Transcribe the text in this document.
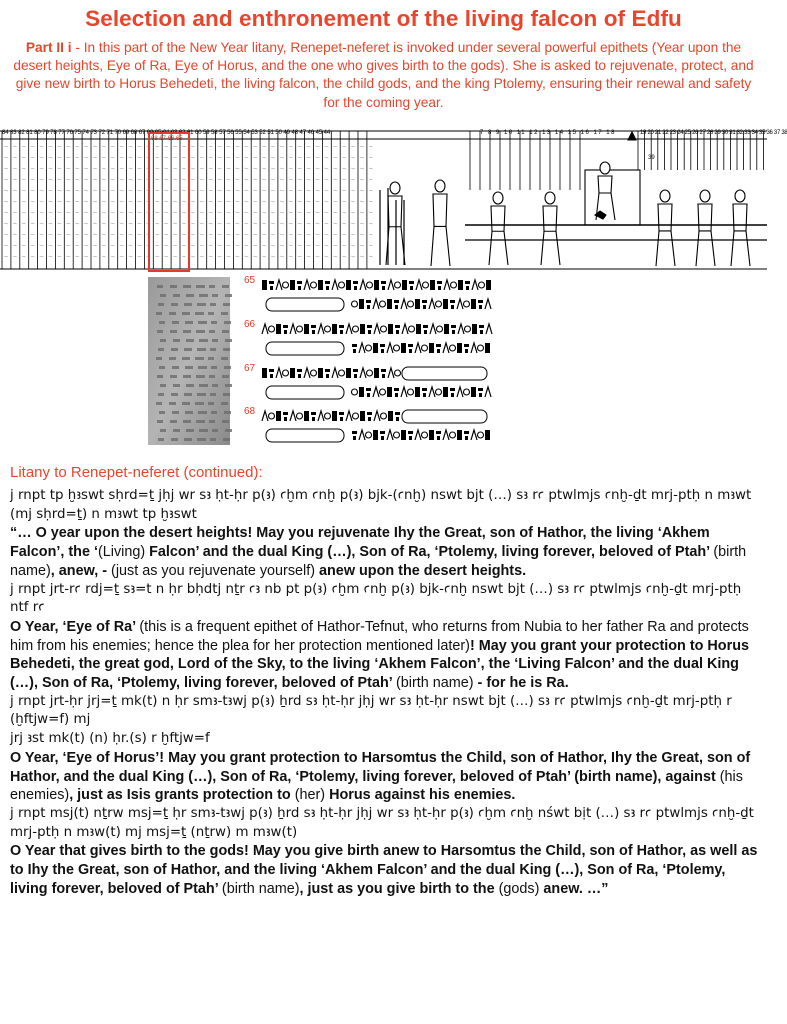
Selection and enthronement of the living falcon of Edfu
Part II i - In this part of the New Year litany, Renepet-neferet is invoked under several powerful epithets (Year upon the desert heights, Eye of Ra, Eye of Horus, and the one who gives birth to the gods). She is asked to rejuvenate, protect, and give new birth to Horus Behedeti, the living falcon, the child gods, and the king Ptolemy, ensuring their renewal and safety for the coming year.
84 83 82 81 80 79 78 77 76 75 74 73 72 71 70 69 68 67 66 65 64 63 62 61 60 59 58 57 56 55 54 53 52 51 50 49 48 47 46 45 44	7 8 9 10 11 12 13 14 15 16 17 18	19 20 21 22 23 24 25 26 27 28 29 30 31 32 33 34 35 36 37 38
68 67 66 65
39
65
66
67
68
Litany to Renepet-neferet (continued):

j rnpt tp ḫꜣswt sḥrd=ṯ jḥj wr sꜣ ḥt-ḥr p(ꜣ) ꜥḫm ꜥnḫ p(ꜣ) bjk-(ꜥnḫ) nswt bjt (…) sꜣ rꜥ ptwlmjs ꜥnḫ-ḏt mrj-ptḥ n mꜣwt (mj sḥrd=ṯ) n mꜣwt tp ḫꜣswt

“… O year upon the desert heights! May you rejuvenate Ihy the Great, son of Hathor, the living ‘Akhem Falcon’, the ‘(Living) Falcon’ and the dual King (…), Son of Ra, ‘Ptolemy, living forever, beloved of Ptah’ (birth name), anew, - (just as you rejuvenate yourself) anew upon the desert heights.

j rnpt jrt-rꜥ rdj=ṯ sꜣ=t n ḥr bḥdtj nṯr ꜥꜣ nb pt p(ꜣ) ꜥḫm ꜥnḫ p(ꜣ) bjk-ꜥnḫ nswt bjt (…) sꜣ rꜥ ptwlmjs ꜥnḫ-ḏt mrj-ptḥ ntf rꜥ

O Year, ‘Eye of Ra’ (this is a frequent epithet of Hathor-Tefnut, who returns from Nubia to her father Ra and protects him from his enemies; hence the plea for her protection mentioned later)! May you grant your protection to Horus Behedeti, the great god, Lord of the Sky, to the living ‘Akhem Falcon’, the ‘Living Falcon’ and the dual King (…), Son of Ra, ‘Ptolemy, living forever, beloved of Ptah’ (birth name) - for he is Ra.

j rnpt jrt-ḥr jrj=ṯ mk(t) n ḥr smꜣ-tꜣwj p(ꜣ) ẖrd sꜣ ḥt-ḥr jḥj wr sꜣ ḥt-ḥr nswt bjt (…) sꜣ rꜥ ptwlmjs ꜥnḫ-ḏt mrj-ptḥ r (ḫftjw=f) mj

jrj ꜣst mk(t) (n) ḥr.(s) r ḫftjw=f

O Year, ‘Eye of Horus’! May you grant protection to Harsomtus the Child, son of Hathor, Ihy the Great, son of Hathor, and the dual King (…), Son of Ra, ‘Ptolemy, living forever, beloved of Ptah’ (birth name), against (his enemies), just as Isis grants protection to (her) Horus against his enemies.

j rnpt msj(t) nṯrw msj=ṯ ḥr smꜣ-tꜣwj p(ꜣ) ẖrd sꜣ ḥt-ḥr jḥj wr sꜣ ḥt-ḥr p(ꜣ) ꜥḫm ꜥnḫ nśwt bịt (…) sꜣ rꜥ ptwlmjs ꜥnḫ-ḏt mrj-ptḥ n mꜣw(t) mj msj=ṯ (nṯrw) m mꜣw(t)

O Year that gives birth to the gods! May you give birth anew to Harsomtus the Child, son of Hathor, as well as to Ihy the Great, son of Hathor, and the living ‘Akhem Falcon’ and the dual King (…), Son of Ra, ‘Ptolemy, living forever, beloved of Ptah’ (birth name), just as you give birth to the (gods) anew. …”
